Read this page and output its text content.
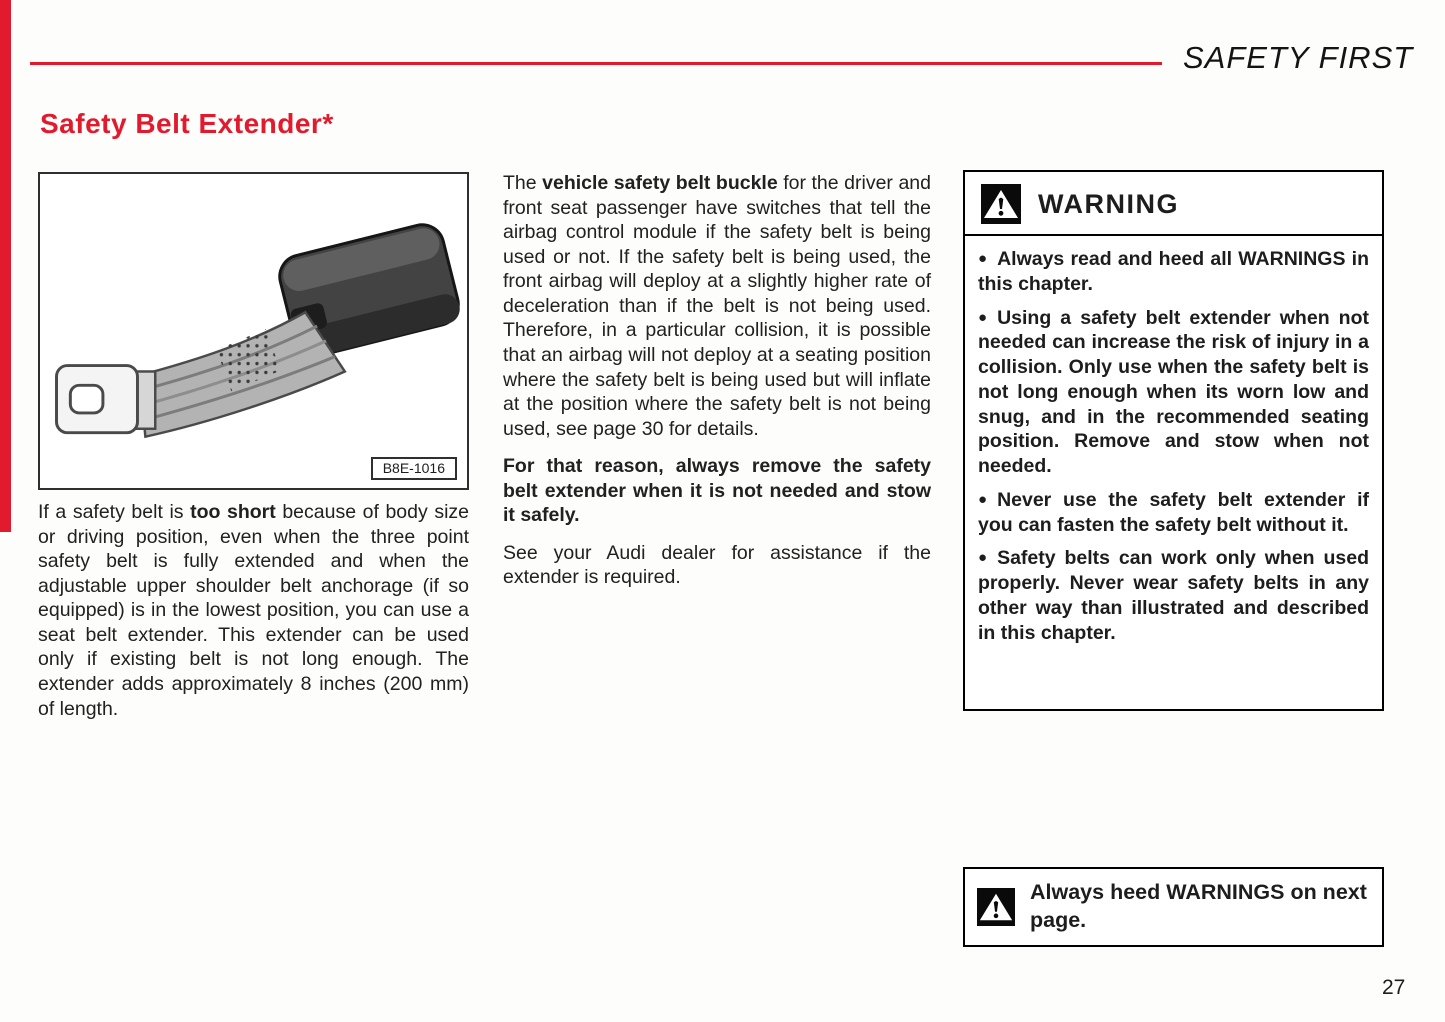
SAFETY FIRST
Safety Belt Extender*
B8E-1016

If a safety belt is too short because of body size or driving position, even when the three point safety belt is fully extended and when the adjustable upper shoulder belt anchorage (if so equipped) is in the lowest position, you can use a seat belt extender. This extender can be used only if existing belt is not long enough. The extender adds approximately 8 inches (200 mm) of length.

The vehicle safety belt buckle for the driver and front seat passenger have switches that tell the airbag control module if the safety belt is being used or not. If the safety belt is being used, the front airbag will deploy at a slightly higher rate of deceleration than if the belt is not being used. Therefore, in a particular collision, it is possible that an airbag will not deploy at a seating position where the safety belt is being used but will inflate at the position where the safety belt is not being used, see page 30 for details.

For that reason, always remove the safety belt extender when it is not needed and stow it safely.

See your Audi dealer for assistance if the extender is required.

WARNING

● Always read and heed all WARNINGS in this chapter.

● Using a safety belt extender when not needed can increase the risk of injury in a collision. Only use when the safety belt is not long enough when its worn low and snug, and in the recommended seating position. Remove and stow when not needed.

● Never use the safety belt extender if you can fasten the safety belt without it.

● Safety belts can work only when used properly. Never wear safety belts in any other way than illustrated and described in this chapter.

Always heed WARNINGS on next page.
27
